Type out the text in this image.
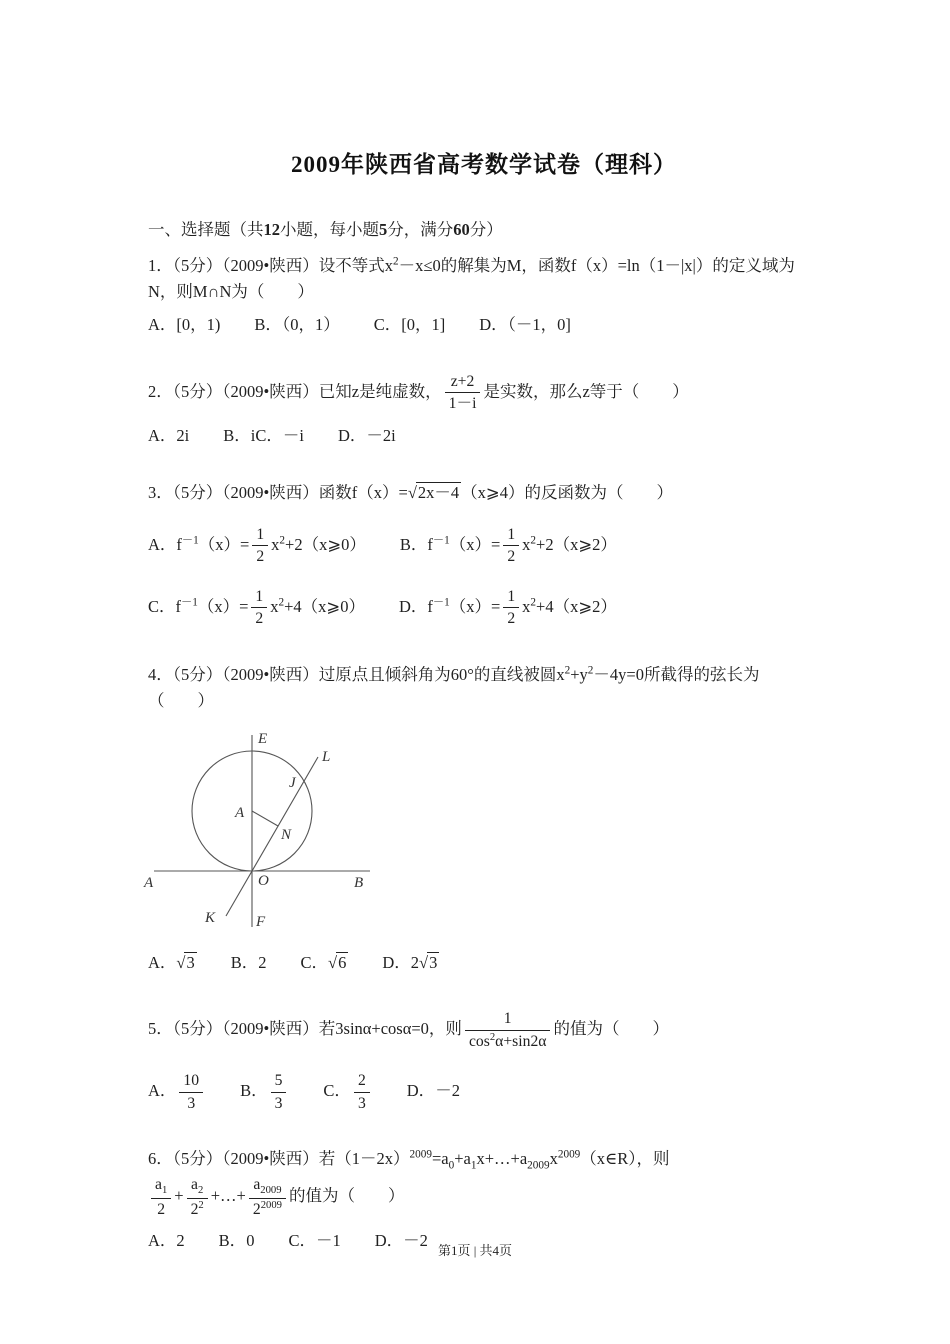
2009年陕西省高考数学试卷（理科）

一、选择题（共12小题，每小题5分，满分60分）

1．（5分）（2009•陕西）设不等式$x^2-x\le 0$的解集为M，函数f（x）=ln（1－|x|）的定义域为N，则M∩N为（　　）

A．[0，1) B．（0，1） C．[0，1] D．（－1，0]

2．（5分）（2009•陕西）已知z是纯虚数， $\frac{z+2}{1-i}$ 是实数，那么z等于（　　）

A．2i B．iC．－i D．－2i

3．（5分）（2009•陕西）函数f（x）=√ 2x－4 （x⩾4）的反函数为（　　）

A．$f^{-1}(x)= \frac{1}{2}$ $x^2+2(x⩾0)$ B．$f^{-1}(x)= \frac{1}{2}$ $x^2+2(x⩾2)$

C．$f^{-1}(x)= \frac{1}{2}$ $x^2+4(x⩾0)$ D．$f^{-1}(x)= \frac{1}{2}$ $x^2+4(x⩾2)$

4．（5分）（2009•陕西）过原点且倾斜角为60°的直线被圆$x^2+y^2-4y=0$所截得的弦长为
（　　）

E
L
J
A
N
O
A	B
K	F

A．√ 3 B．2 C．√ 6 D．2√ 3

5．（5分）（2009•陕西）若3sinα+cosα=0，则 $\frac{1}{\cos^2\alpha+\sin 2\alpha}$ 的值为（　　）

A． $\frac{10}{3}$ B． $\frac{5}{3}$ C． $\frac{2}{3}$ D．－2

6．（5分）（2009•陕西）若$(1-2x)^{2009}=a_0+a_1x+\dots+a_{2009}x^{2009}(x\in R)$，则

$\frac{a_1}{2} + \frac{a_2}{2^2}$ +…+ $\frac{a_{2009}}{2^{2009}}$ 的值为（　　）

A．2 B．0 C．－1 D．－2

第1页 | 共4页
